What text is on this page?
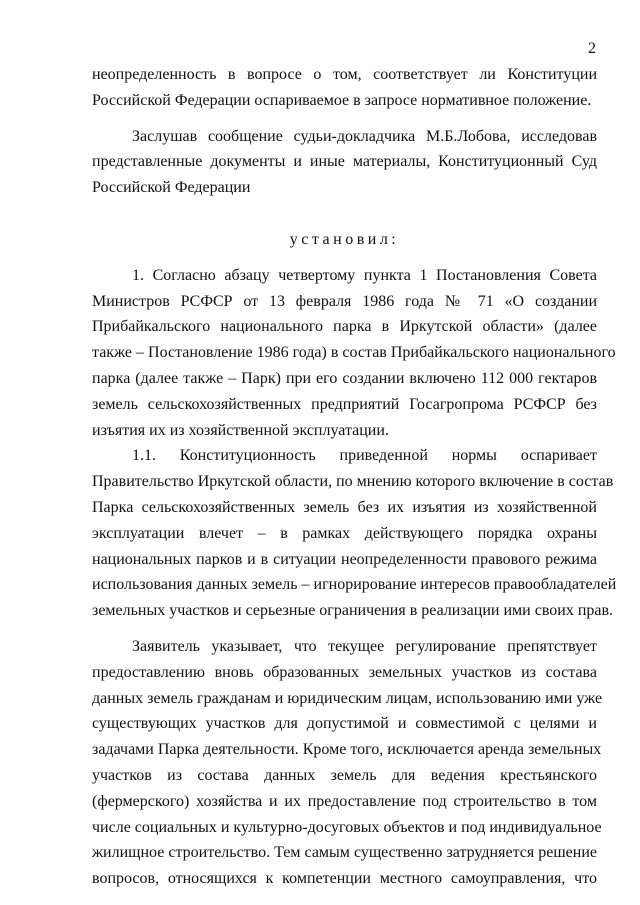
2
неопределенность в вопросе о том, соответствует ли Конституции
Российской Федерации оспариваемое в запросе нормативное положение.
Заслушав сообщение судьи-докладчика М.Б.Лобова, исследовав
представленные документы и иные материалы, Конституционный Суд
Российской Федерации
установил:
1. Согласно абзацу четвертому пункта 1 Постановления Совета
Министров РСФСР от 13 февраля 1986 года № 71 «О создании
Прибайкальского национального парка в Иркутской области» (далее
также – Постановление 1986 года) в состав Прибайкальского национального
парка (далее также – Парк) при его создании включено 112 000 гектаров
земель сельскохозяйственных предприятий Госагропрома РСФСР без
изъятия их из хозяйственной эксплуатации.
1.1. Конституционность приведенной нормы оспаривает
Правительство Иркутской области, по мнению которого включение в состав
Парка сельскохозяйственных земель без их изъятия из хозяйственной
эксплуатации влечет – в рамках действующего порядка охраны
национальных парков и в ситуации неопределенности правового режима
использования данных земель – игнорирование интересов правообладателей
земельных участков и серьезные ограничения в реализации ими своих прав.
Заявитель указывает, что текущее регулирование препятствует
предоставлению вновь образованных земельных участков из состава
данных земель гражданам и юридическим лицам, использованию ими уже
существующих участков для допустимой и совместимой с целями и
задачами Парка деятельности. Кроме того, исключается аренда земельных
участков из состава данных земель для ведения крестьянского
(фермерского) хозяйства и их предоставление под строительство в том
числе социальных и культурно-досуговых объектов и под индивидуальное
жилищное строительство. Тем самым существенно затрудняется решение
вопросов, относящихся к компетенции местного самоуправления, что
